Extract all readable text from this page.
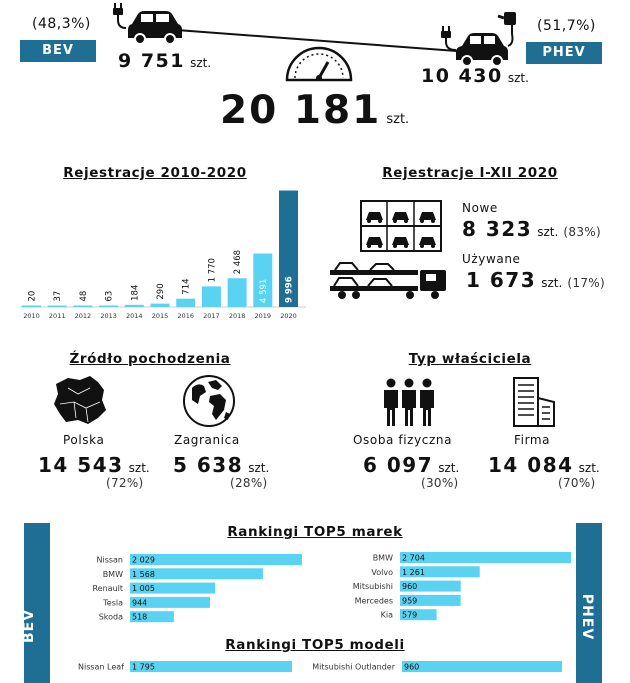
(48,3%)
BEV
(51,7%)
PHEV
9 751 szt.
10 430 szt.
20 181 szt.
Rejestracje 2010-2020
20
2010
37
2011
48
2012
63
2013
184
2014
290
2015
714
2016
1 770
2017
2 468
2018
4 591
2019
9 996
2020
Rejestracje I-XII 2020
Nowe
8 323 szt. (83%)
Używane
1 673 szt. (17%)
Źródło pochodzenia
Polska
14 543 szt.
(72%)
Zagranica
5 638 szt.
(28%)
Typ właściciela
Osoba fizyczna
6 097 szt.
(30%)
Firma
14 084 szt.
(70%)
BEV	PHEV
Rankingi TOP5 marek
Rankingi TOP5 modeli
Nissan 2 029
BMW 1 568
Renault 1 005
Tesla 944
Skoda 518
BMW 2 704
Volvo 1 261
Mitsubishi 960
Mercedes 959
Kia 579
Nissan Leaf 1 795	Mitsubishi Outlander 960
